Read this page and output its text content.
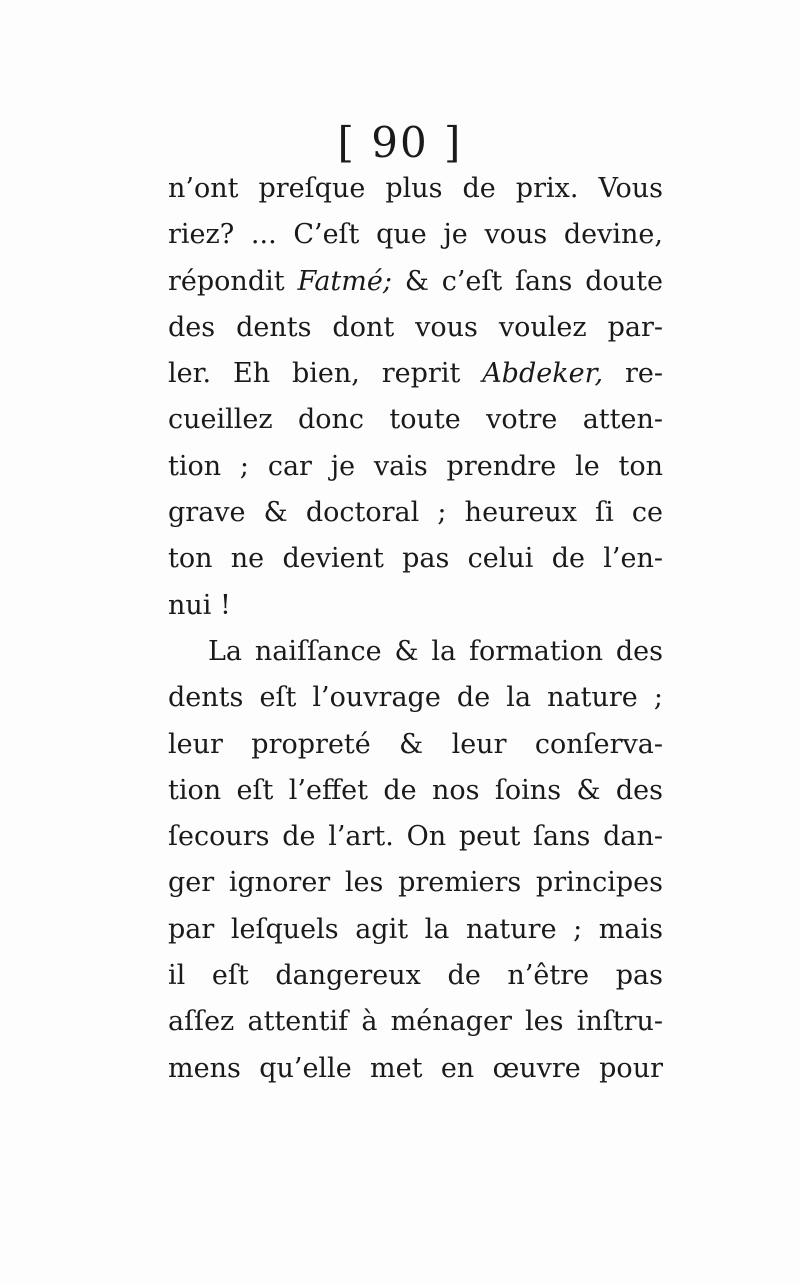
[ 90 ]
n’ont preſque plus de prix. Vous
riez? ... C’eſt que je vous devine,
répondit Fatmé; & c’eſt ſans doute
des dents dont vous voulez par-
ler. Eh bien, reprit Abdeker, re-
cueillez donc toute votre atten-
tion ; car je vais prendre le ton
grave & doctoral ; heureux ſi ce
ton ne devient pas celui de l’en-
nui !
La naiſſance & la formation des
dents eſt l’ouvrage de la nature ;
leur propreté & leur conſerva-
tion eſt l’effet de nos ſoins & des
ſecours de l’art. On peut ſans dan-
ger ignorer les premiers principes
par leſquels agit la nature ; mais
il eſt dangereux de n’être pas
aſſez attentif à ménager les inſtru-
mens qu’elle met en œuvre pour
